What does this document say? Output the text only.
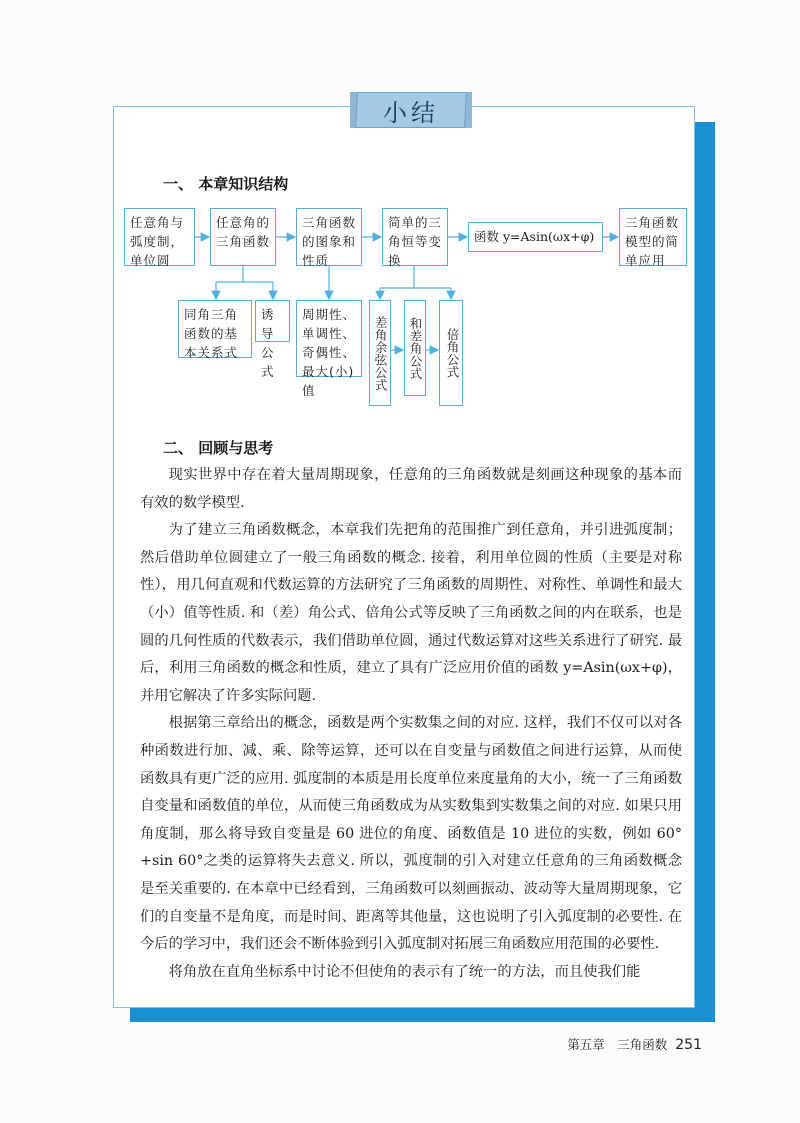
小结
一、 本章知识结构
任意角与弧度制，单位圆
任意角的三角函数
三角函数的图象和性质
简单的三角恒等变换
函数 y=Asin(ωx+φ)
三角函数模型的简单应用
同角三角函数的基本关系式
诱导公式
周期性、单调性、奇偶性、最大(小)值	差角余弦公式	和差角公式	倍角公式
二、 回顾与思考

现实世界中存在着大量周期现象，任意角的三角函数就是刻画这种现象的基本而有效的数学模型.

为了建立三角函数概念，本章我们先把角的范围推广到任意角，并引进弧度制；然后借助单位圆建立了一般三角函数的概念. 接着，利用单位圆的性质（主要是对称性），用几何直观和代数运算的方法研究了三角函数的周期性、对称性、单调性和最大（小）值等性质. 和（差）角公式、倍角公式等反映了三角函数之间的内在联系，也是圆的几何性质的代数表示，我们借助单位圆，通过代数运算对这些关系进行了研究. 最后，利用三角函数的概念和性质，建立了具有广泛应用价值的函数 y=Asin(ωx+φ)，并用它解决了许多实际问题.

根据第三章给出的概念，函数是两个实数集之间的对应. 这样，我们不仅可以对各种函数进行加、减、乘、除等运算，还可以在自变量与函数值之间进行运算，从而使函数具有更广泛的应用. 弧度制的本质是用长度单位来度量角的大小，统一了三角函数自变量和函数值的单位，从而使三角函数成为从实数集到实数集之间的对应. 如果只用角度制，那么将导致自变量是 60 进位的角度、函数值是 10 进位的实数，例如 60°+sin 60°之类的运算将失去意义. 所以，弧度制的引入对建立任意角的三角函数概念是至关重要的. 在本章中已经看到，三角函数可以刻画振动、波动等大量周期现象，它们的自变量不是角度，而是时间、距离等其他量，这也说明了引入弧度制的必要性. 在今后的学习中，我们还会不断体验到引入弧度制对拓展三角函数应用范围的必要性.

将角放在直角坐标系中讨论不但使角的表示有了统一的方法，而且使我们能

第五章　三角函数 251
